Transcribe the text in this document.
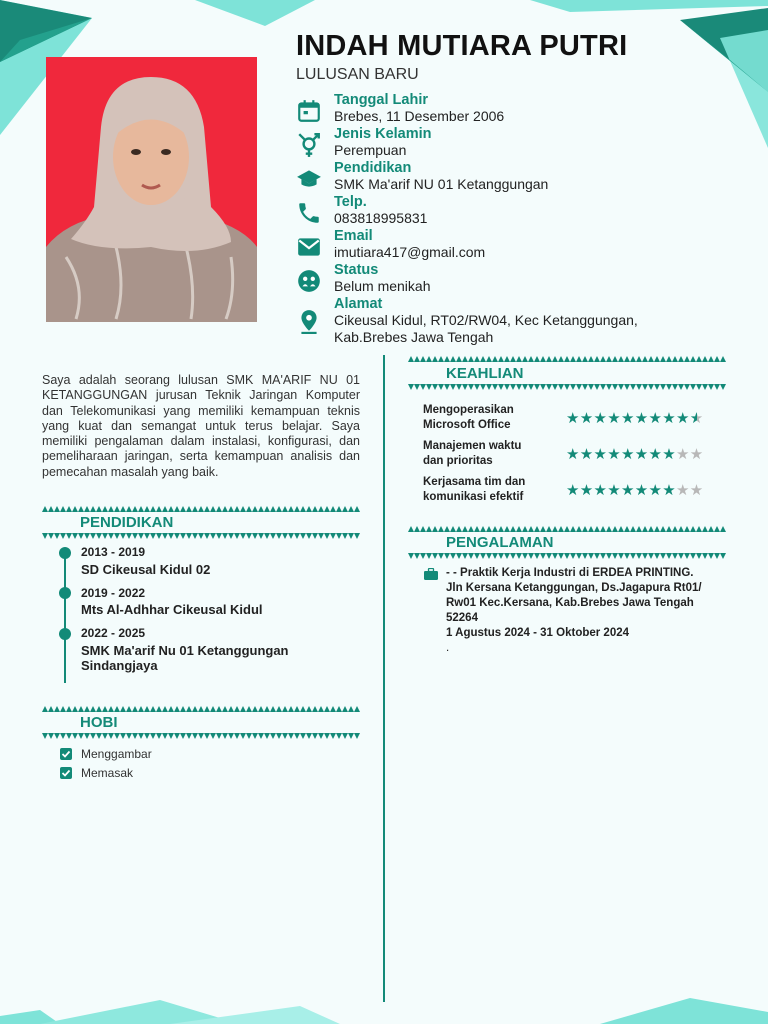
INDAH MUTIARA PUTRI
LULUSAN BARU
Tanggal Lahir
Brebes, 11 Desember 2006
Jenis Kelamin
Perempuan
Pendidikan
SMK Ma'arif NU 01 Ketanggungan
Telp.
083818995831
Email
imutiara417@gmail.com
Status
Belum menikah
Alamat
Cikeusal Kidul, RT02/RW04, Kec Ketanggungan,
Kab.Brebes Jawa Tengah
Saya adalah seorang lulusan SMK MA'ARIF NU 01 KETANGGUNGAN jurusan Teknik Jaringan Komputer dan Telekomunikasi yang memiliki kemampuan teknis yang kuat dan semangat untuk terus belajar. Saya memiliki pengalaman dalam instalasi, konfigurasi, dan pemeliharaan jaringan, serta kemampuan analisis dan pemecahan masalah yang baik.
PENDIDIKAN
2013 - 2019
SD Cikeusal Kidul 02
2019 - 2022
Mts Al-Adhhar Cikeusal Kidul
2022 - 2025
SMK Ma'arif Nu 01 Ketanggungan
Sindangjaya
HOBI
Menggambar
Memasak
KEAHLIAN
Mengoperasikan
Microsoft Office	★★★★★★★★★★
Manajemen waktu
dan prioritas	★★★★★★★★★★
Kerjasama tim dan
komunikasi efektif	★★★★★★★★★★
PENGALAMAN
- - Praktik Kerja Industri di ERDEA PRINTING.
Jln Kersana Ketanggungan, Ds.Jagapura Rt01/
Rw01 Kec.Kersana, Kab.Brebes Jawa Tengah
52264
1 Agustus 2024 - 31 Oktober 2024
.
